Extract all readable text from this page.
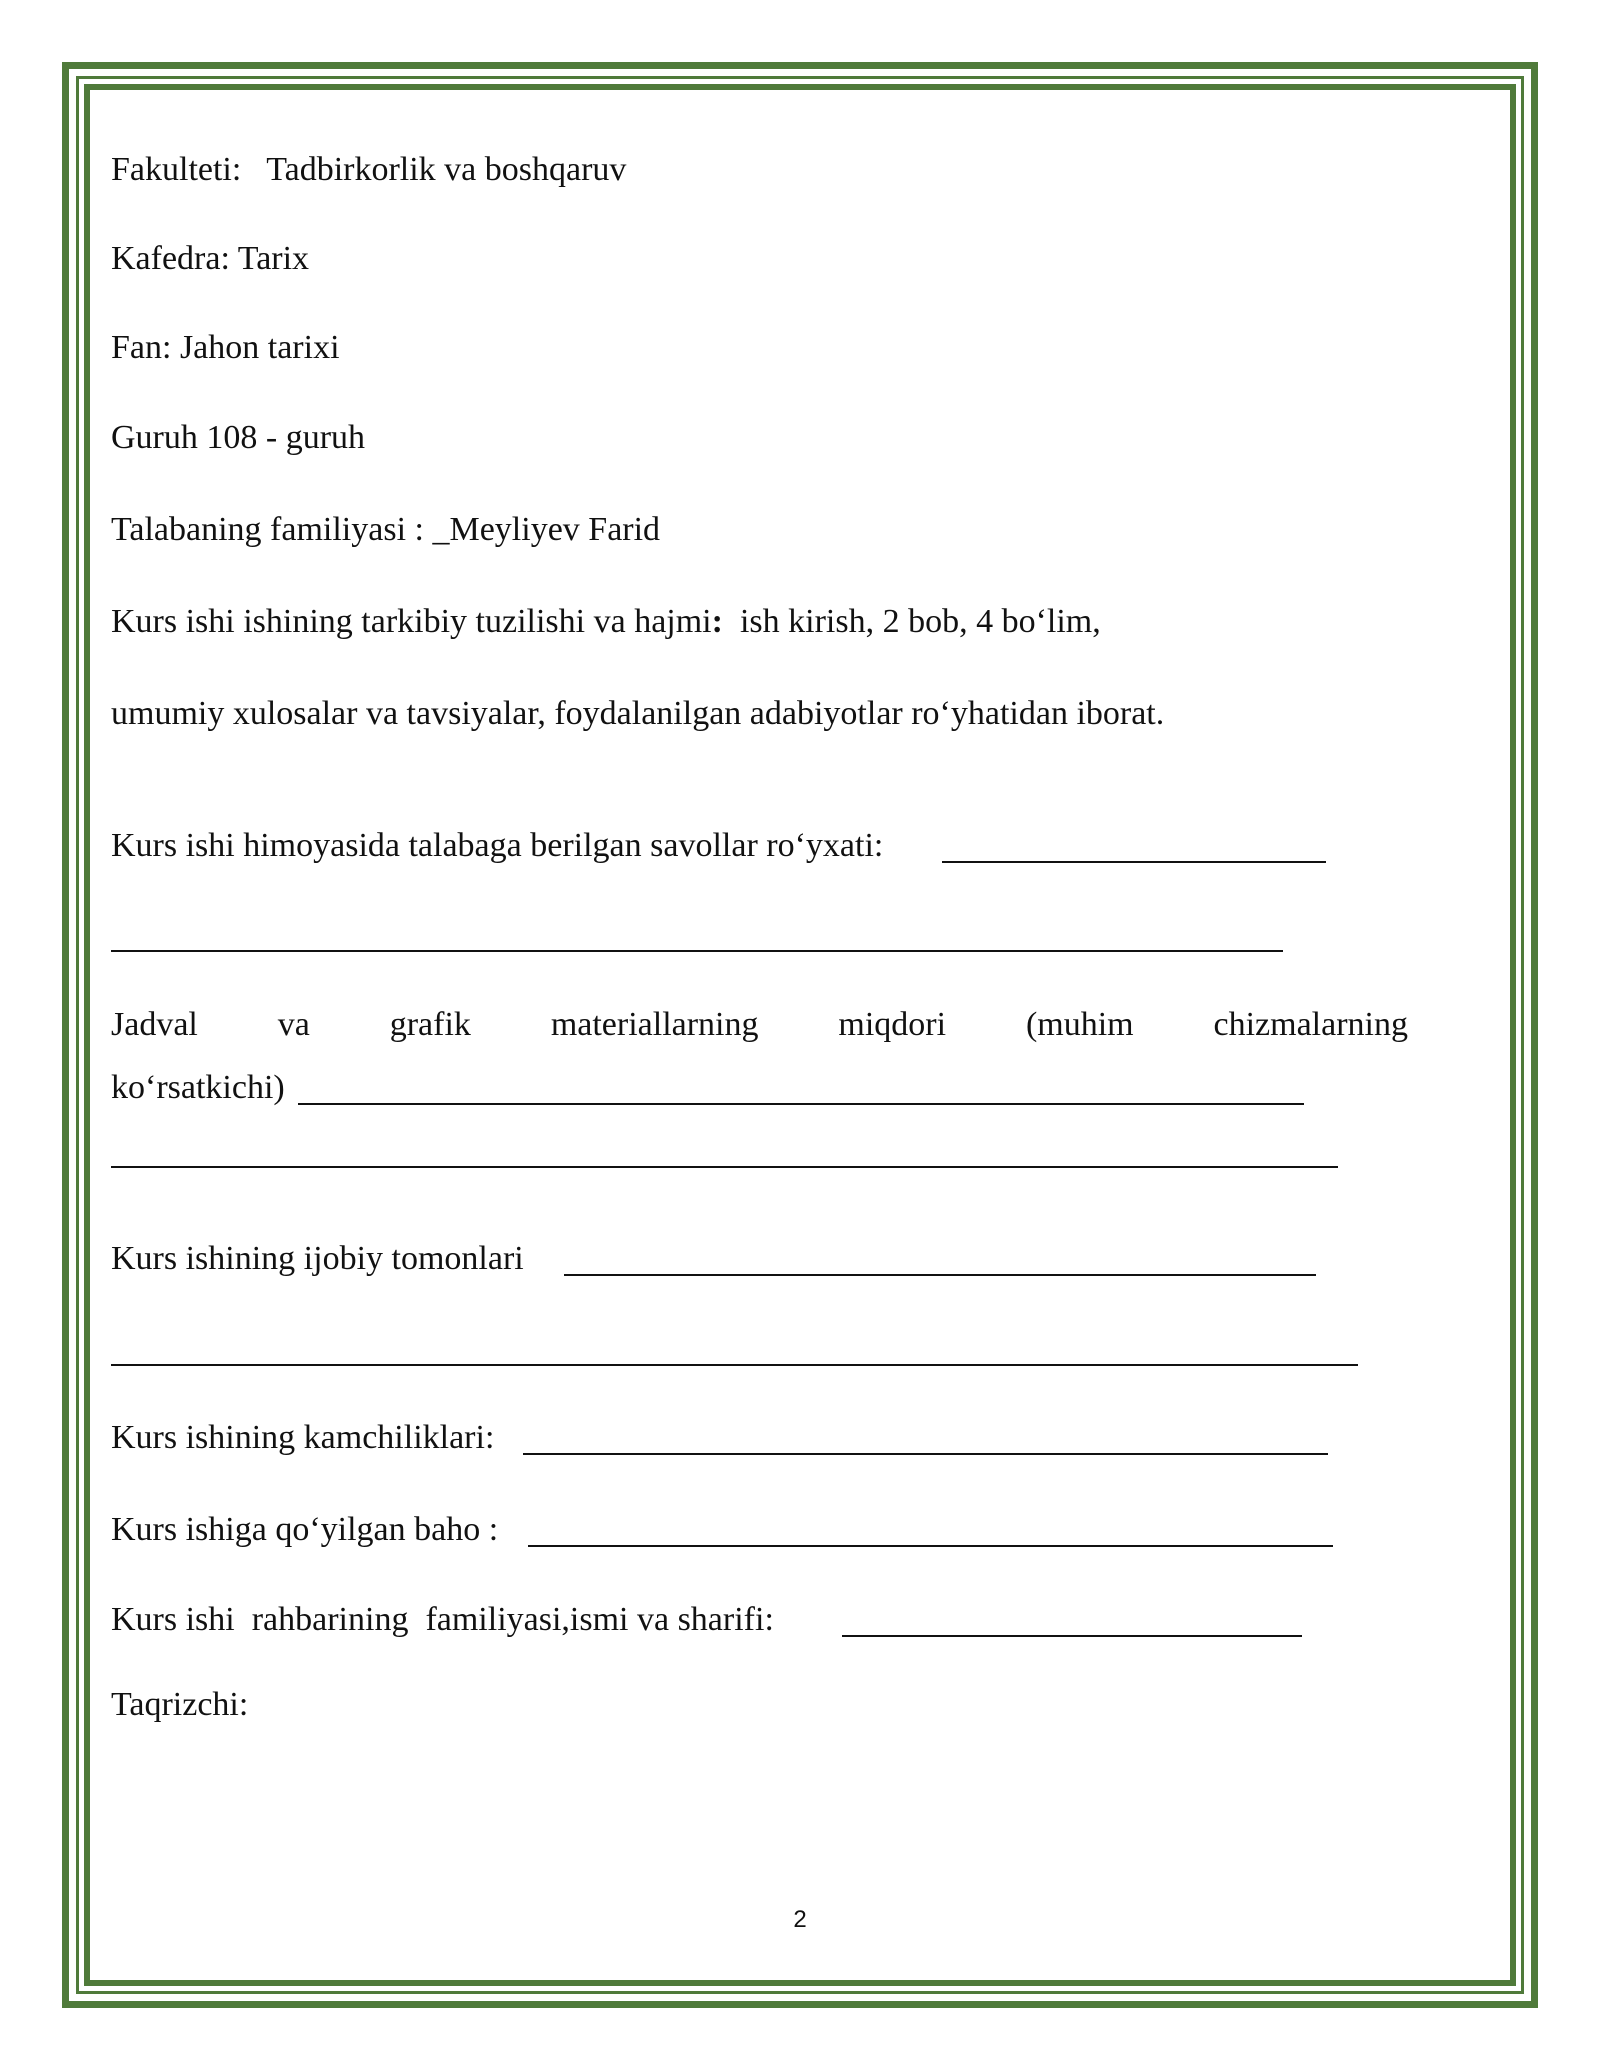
Fakulteti:   Tadbirkorlik va boshqaruv
Kafedra: Tarix
Fan: Jahon tarixi
Guruh 108 - guruh
Talabaning familiyasi : _Meyliyev Farid
Kurs ishi ishining tarkibiy tuzilishi va hajmi:  ish kirish, 2 bob, 4 bo‘lim,
umumiy xulosalar va tavsiyalar, foydalanilgan adabiyotlar ro‘yhatidan iborat.
Kurs ishi himoyasida talabaga berilgan savollar ro‘yxati:
Jadval va grafik materiallarning miqdori (muhim chizmalarning
ko‘rsatkichi)
Kurs ishining ijobiy tomonlari
Kurs ishining kamchiliklari:
Kurs ishiga qo‘yilgan baho :
Kurs ishi  rahbarining  familiyasi,ismi va sharifi:
Taqrizchi:
2
